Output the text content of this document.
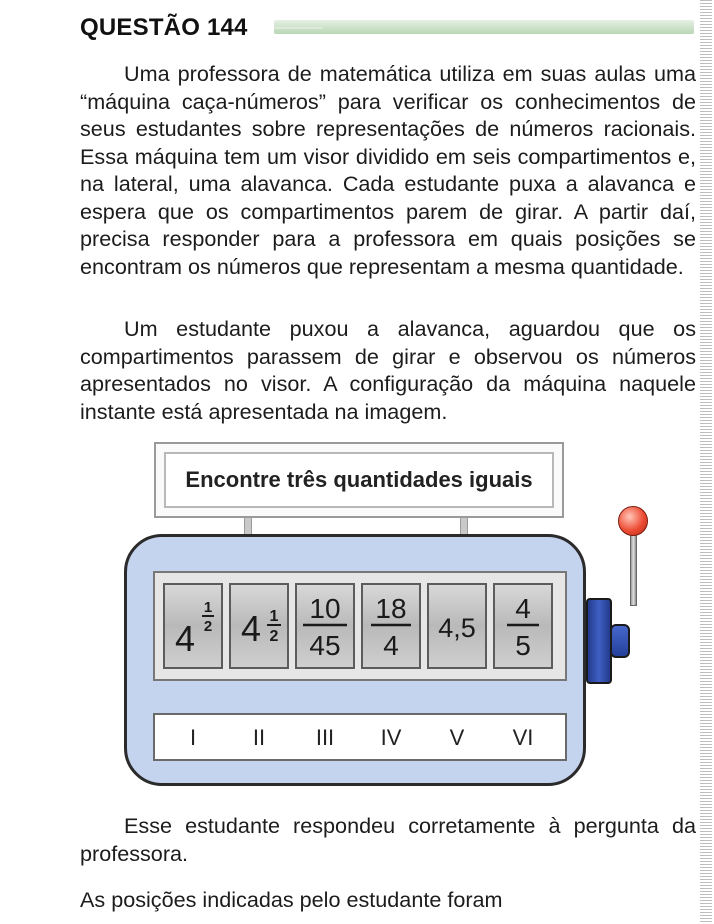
QUESTÃO 144
Uma professora de matemática utiliza em suas aulas uma “máquina caça-números” para verificar os conhecimentos de seus estudantes sobre representações de números racionais. Essa máquina tem um visor dividido em seis compartimentos e, na lateral, uma alavanca. Cada estudante puxa a alavanca e espera que os compartimentos parem de girar. A partir daí, precisa responder para a professora em quais posições se encontram os números que representam a mesma quantidade.
Um estudante puxou a alavanca, aguardou que os compartimentos parassem de girar e observou os números apresentados no visor. A configuração da máquina naquele instante está apresentada na imagem.
Encontre três quantidades iguais
4
1
2 4 1
2
10
45
18
4
4,5
4
5
I	II	III	IV	V	VI
Esse estudante respondeu corretamente à pergunta da professora.
As posições indicadas pelo estudante foram
